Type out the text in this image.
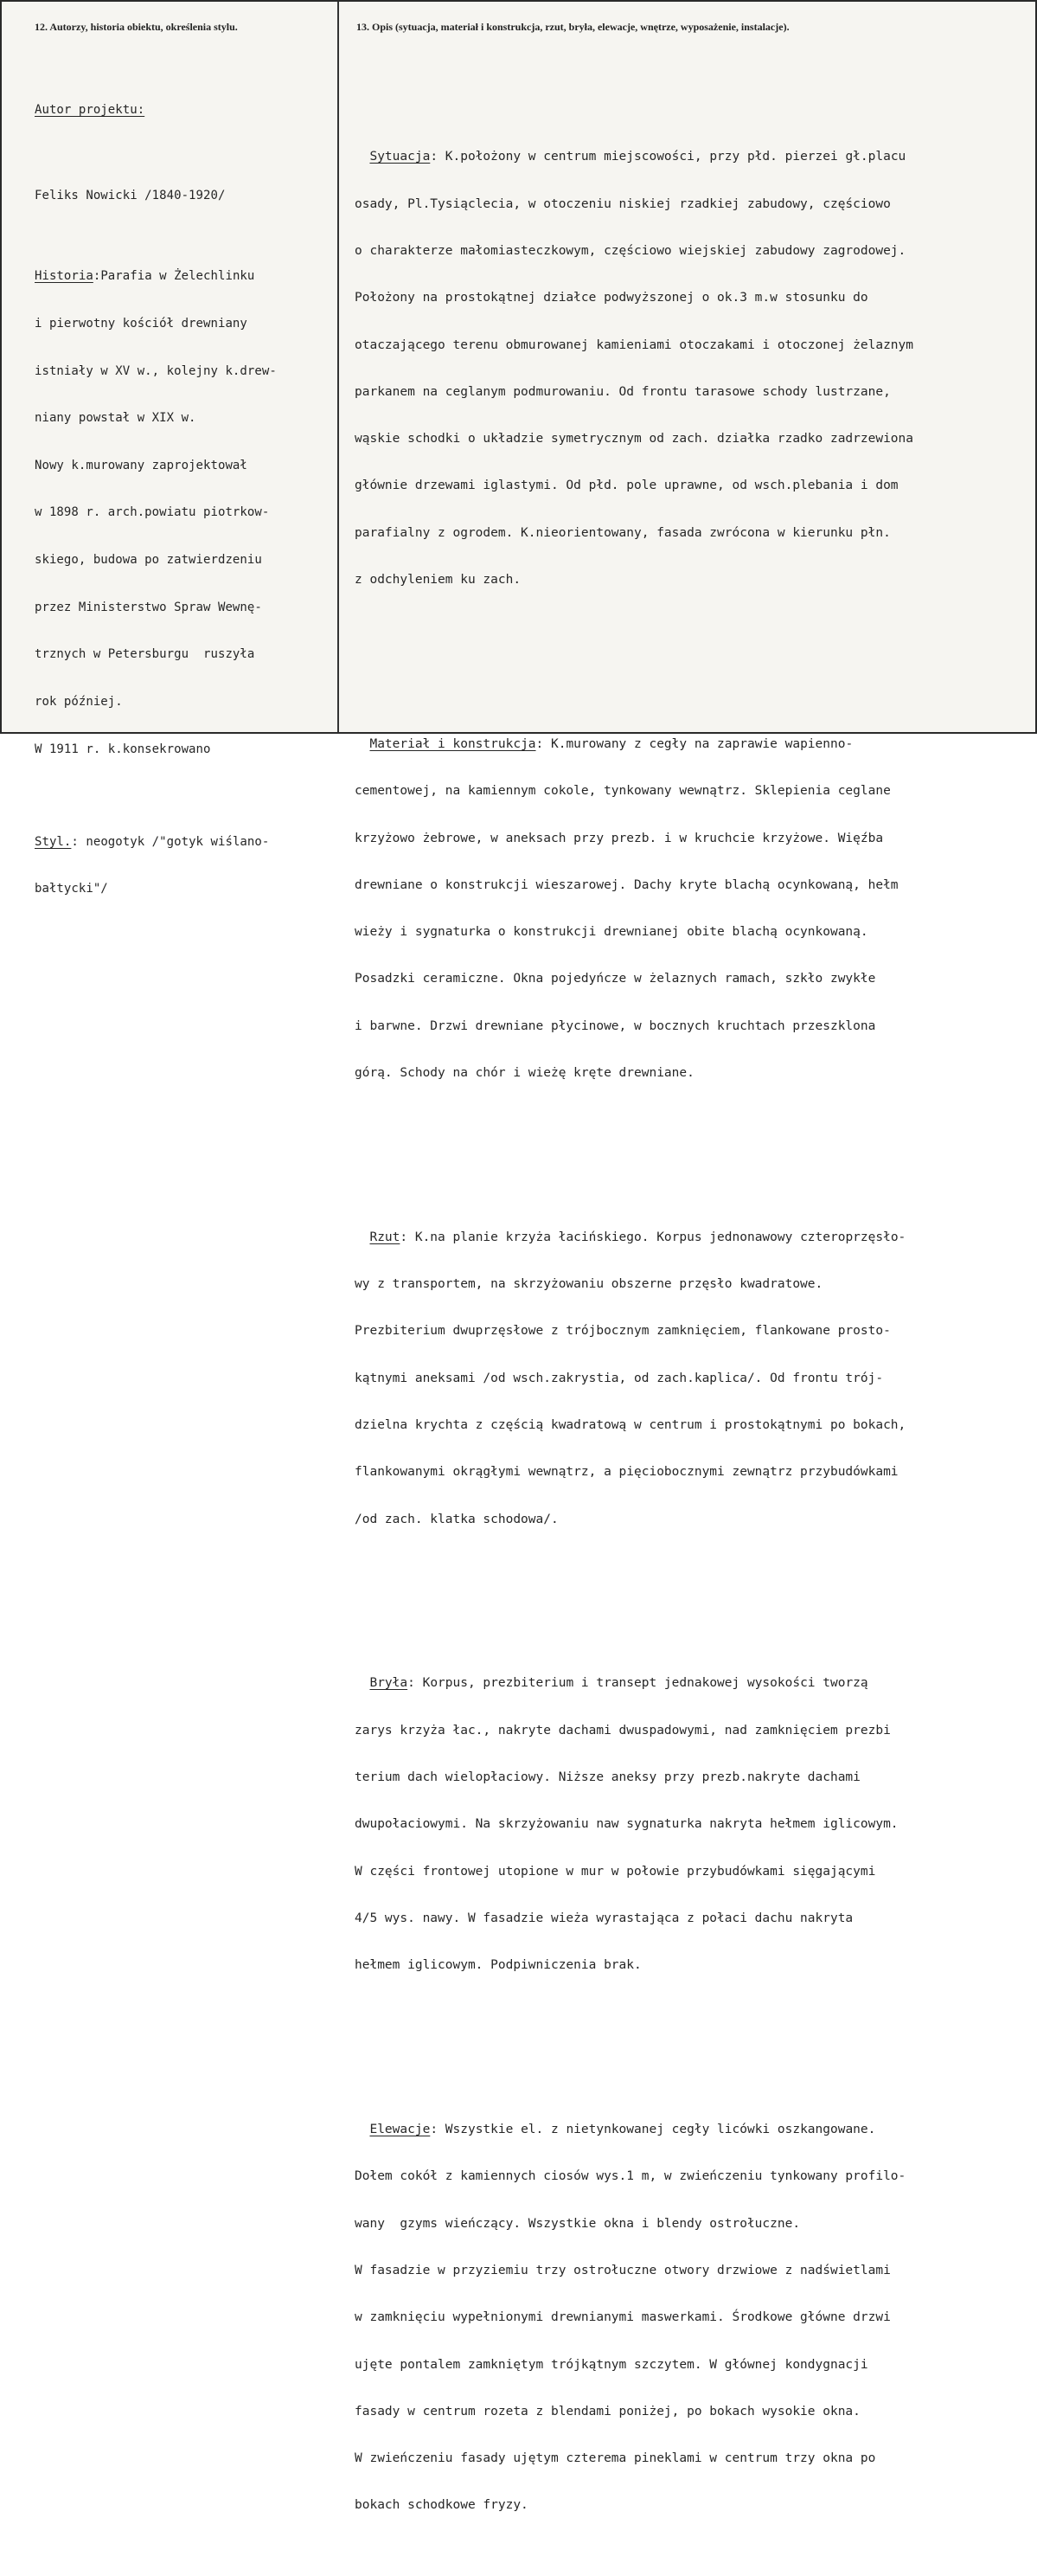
12. Autorzy, historia obiektu, określenia stylu.	13. Opis (sytuacja, materiał i konstrukcja, rzut, bryła, elewacje, wnętrze, wyposażenie, instalacje).

Autor projektu:

Feliks Nowicki /1840-1920/

Historia:Parafia w Żelechlinku

i pierwotny kościół drewniany

istniały w XV w., kolejny k.drew-

niany powstał w XIX w.

Nowy k.murowany zaprojektował

w 1898 r. arch.powiatu piotrkow-

skiego, budowa po zatwierdzeniu

przez Ministerstwo Spraw Wewnę-

trznych w Petersburgu  ruszyła

rok później.

W 1911 r. k.konsekrowano

Styl.: neogotyk /"gotyk wiślano-

bałtycki"/

Sytuacja: K.położony w centrum miejscowości, przy płd. pierzei gł.placu

osady, Pl.Tysiąclecia, w otoczeniu niskiej rzadkiej zabudowy, częściowo

o charakterze małomiasteczkowym, częściowo wiejskiej zabudowy zagrodowej.

Położony na prostokątnej działce podwyższonej o ok.3 m.w stosunku do

otaczającego terenu obmurowanej kamieniami otoczakami i otoczonej żelaznym

parkanem na ceglanym podmurowaniu. Od frontu tarasowe schody lustrzane,

wąskie schodki o układzie symetrycznym od zach. działka rzadko zadrzewiona

głównie drzewami iglastymi. Od płd. pole uprawne, od wsch.plebania i dom

parafialny z ogrodem. K.nieorientowany, fasada zwrócona w kierunku płn.

z odchyleniem ku zach.

Materiał i konstrukcja: K.murowany z cegły na zaprawie wapienno-

cementowej, na kamiennym cokole, tynkowany wewnątrz. Sklepienia ceglane

krzyżowo żebrowe, w aneksach przy prezb. i w kruchcie krzyżowe. Więźba

drewniane o konstrukcji wieszarowej. Dachy kryte blachą ocynkowaną, hełm

wieży i sygnaturka o konstrukcji drewnianej obite blachą ocynkowaną.

Posadzki ceramiczne. Okna pojedyńcze w żelaznych ramach, szkło zwykłe

i barwne. Drzwi drewniane płycinowe, w bocznych kruchtach przeszklona

górą. Schody na chór i wieżę kręte drewniane.

Rzut: K.na planie krzyża łacińskiego. Korpus jednonawowy czteroprzęsło-

wy z transportem, na skrzyżowaniu obszerne przęsło kwadratowe.

Prezbiterium dwuprzęsłowe z trójbocznym zamknięciem, flankowane prosto-

kątnymi aneksami /od wsch.zakrystia, od zach.kaplica/. Od frontu trój-

dzielna krychta z częścią kwadratową w centrum i prostokątnymi po bokach,

flankowanymi okrągłymi wewnątrz, a pięciobocznymi zewnątrz przybudówkami

/od zach. klatka schodowa/.

Bryła: Korpus, prezbiterium i transept jednakowej wysokości tworzą

zarys krzyża łac., nakryte dachami dwuspadowymi, nad zamknięciem prezbi

terium dach wielopłaciowy. Niższe aneksy przy prezb.nakryte dachami

dwupołaciowymi. Na skrzyżowaniu naw sygnaturka nakryta hełmem iglicowym.

W części frontowej utopione w mur w połowie przybudówkami sięgającymi

4/5 wys. nawy. W fasadzie wieża wyrastająca z połaci dachu nakryta

hełmem iglicowym. Podpiwniczenia brak.

Elewacje: Wszystkie el. z nietynkowanej cegły licówki oszkangowane.

Dołem cokół z kamiennych ciosów wys.1 m, w zwieńczeniu tynkowany profilo-

wany  gzyms wieńczący. Wszystkie okna i blendy ostrołuczne.

W fasadzie w przyziemiu trzy ostrołuczne otwory drzwiowe z nadświetlami

w zamknięciu wypełnionymi drewnianymi maswerkami. Środkowe główne drzwi

ujęte pontalem zamkniętym trójkątnym szczytem. W głównej kondygnacji

fasady w centrum rozeta z blendami poniżej, po bokach wysokie okna.

W zwieńczeniu fasady ujętym czterema pineklami w centrum trzy okna po

bokach schodkowe fryzy.
